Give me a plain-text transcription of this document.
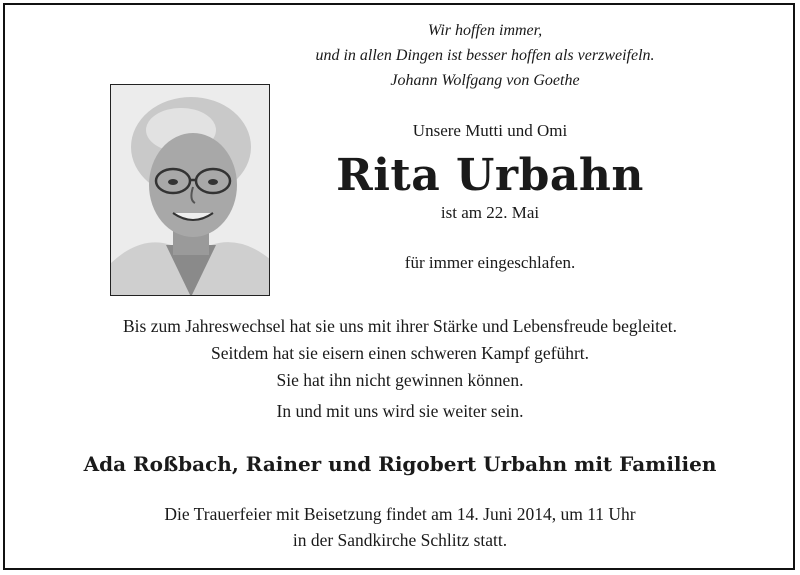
Wir hoffen immer,
und in allen Dingen ist besser hoffen als verzweifeln.
Johann Wolfgang von Goethe
Unsere Mutti und Omi
Rita Urbahn
ist am 22. Mai
für immer eingeschlafen.
Bis zum Jahreswechsel hat sie uns mit ihrer Stärke und Lebensfreude begleitet.
Seitdem hat sie eisern einen schweren Kampf geführt.
Sie hat ihn nicht gewinnen können.
In und mit uns wird sie weiter sein.
Ada Roßbach, Rainer und Rigobert Urbahn mit Familien
Die Trauerfeier mit Beisetzung findet am 14. Juni 2014, um 11 Uhr
in der Sandkirche Schlitz statt.
